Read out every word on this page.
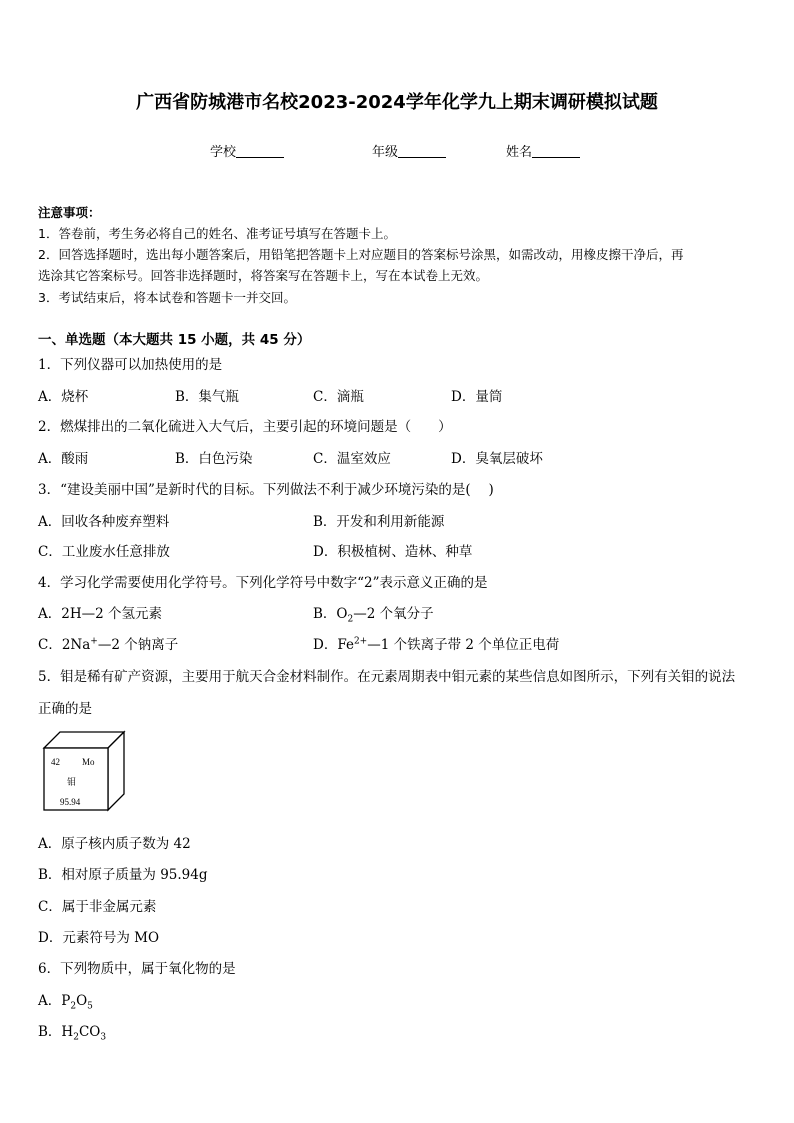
广西省防城港市名校2023-2024学年化学九上期末调研模拟试题
学校	年级	姓名
注意事项：
1．答卷前，考生务必将自己的姓名、准考证号填写在答题卡上。
2．回答选择题时，选出每小题答案后，用铅笔把答题卡上对应题目的答案标号涂黑，如需改动，用橡皮擦干净后，再
选涂其它答案标号。回答非选择题时，将答案写在答题卡上，写在本试卷上无效。
3．考试结束后，将本试卷和答题卡一并交回。
一、单选题（本大题共 15 小题，共 45 分）
1．下列仪器可以加热使用的是
A．烧杯	B．集气瓶	C．滴瓶	D．量筒
2．燃煤排出的二氧化硫进入大气后，主要引起的环境问题是（　　）
A．酸雨	B．白色污染	C．温室效应	D．臭氧层破坏
3．“建设美丽中国”是新时代的目标。下列做法不利于减少环境污染的是(　 )
A．回收各种废弃塑料	B．开发和利用新能源
C．工业废水任意排放	D．积极植树、造林、种草
4．学习化学需要使用化学符号。下列化学符号中数字“2”表示意义正确的是
A．2H—2 个氢元素	B．$O_2—2$ 个氧分子
C．2Na+—2 个钠离子	D．$Fe^{2+}—1$ 个铁离子带 2 个单位正电荷
5．钼是稀有矿产资源，主要用于航天合金材料制作。在元素周期表中钼元素的某些信息如图所示，下列有关钼的说法
正确的是
42 Mo
钼
95.94
A．原子核内质子数为 42
B．相对原子质量为 95.94g
C．属于非金属元素
D．元素符号为 MO
6．下列物质中，属于氧化物的是
A．$P_2O_5$
B．$H_2CO_3$
